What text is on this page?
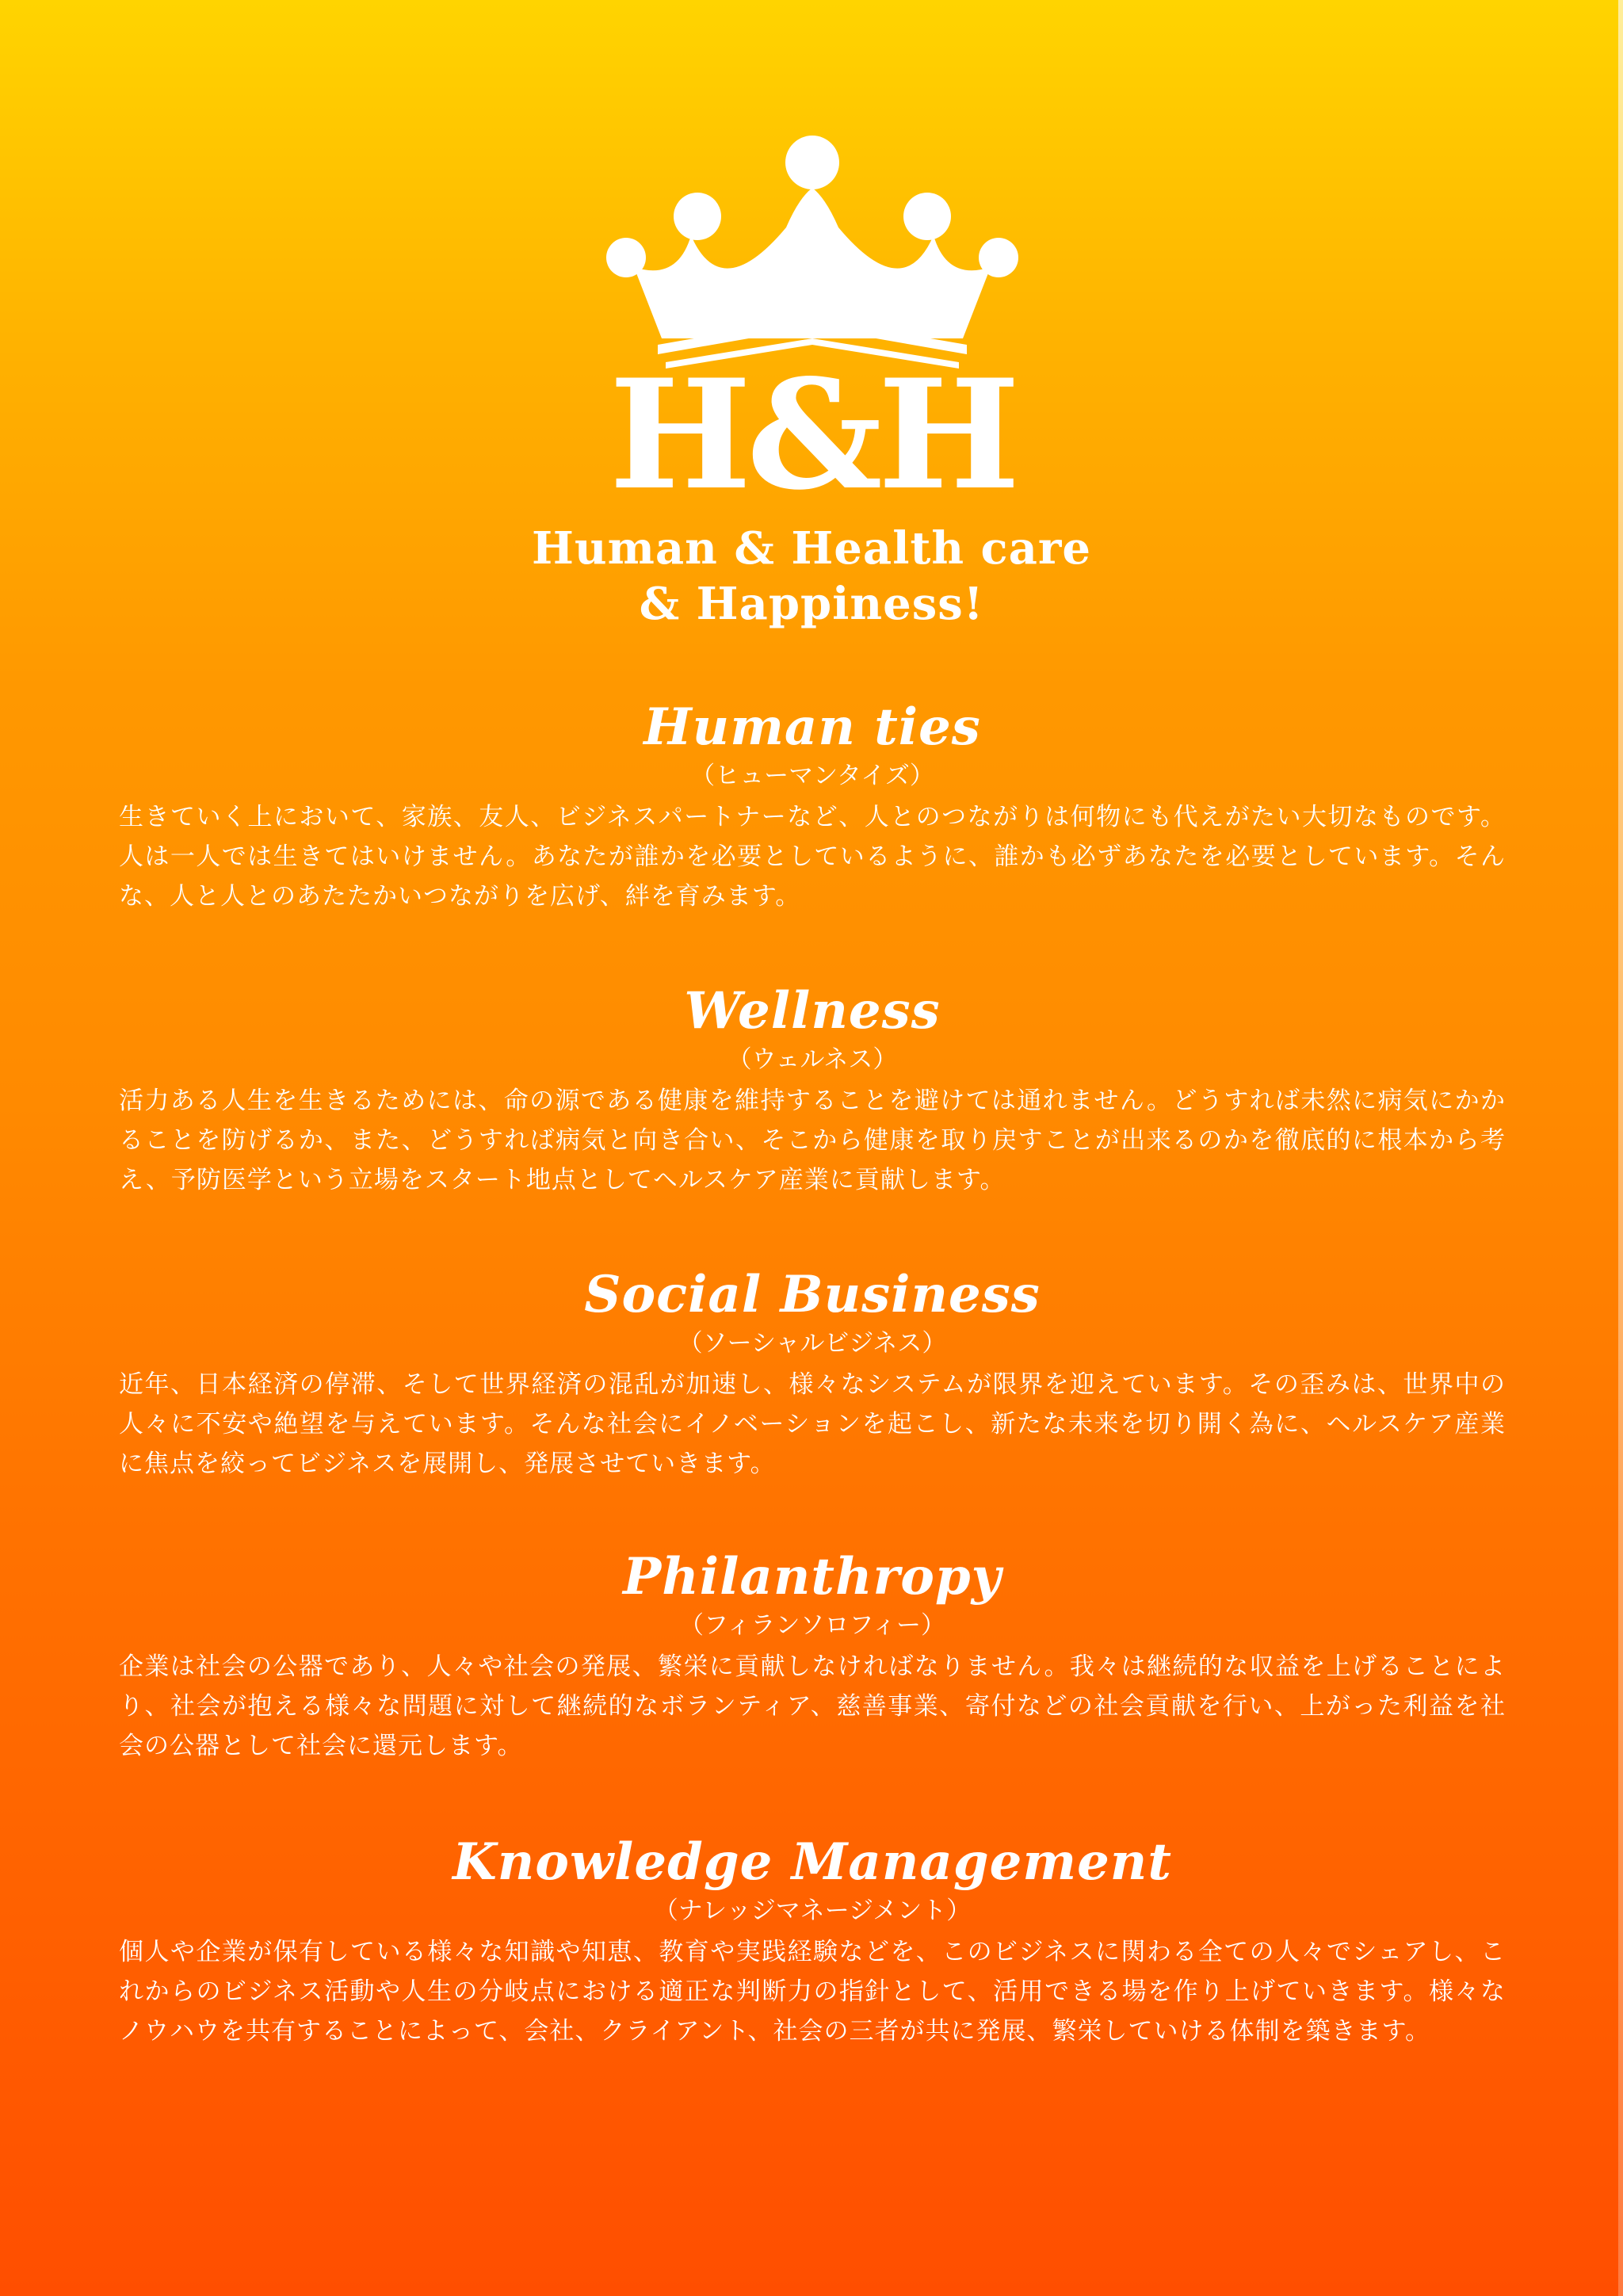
H&H
Human & Health care
& Happiness!
Human ties
（ヒューマンタイズ）
生きていく上において、家族、友人、ビジネスパートナーなど、人とのつながりは何物にも代えがたい大切なものです。人は一人では生きてはいけません。あなたが誰かを必要としているように、誰かも必ずあなたを必要としています。そんな、人と人とのあたたかいつながりを広げ、絆を育みます。
Wellness
（ウェルネス）
活力ある人生を生きるためには、命の源である健康を維持することを避けては通れません。どうすれば未然に病気にかかることを防げるか、また、どうすれば病気と向き合い、そこから健康を取り戻すことが出来るのかを徹底的に根本から考え、予防医学という立場をスタート地点としてヘルスケア産業に貢献します。
Social Business
（ソーシャルビジネス）
近年、日本経済の停滞、そして世界経済の混乱が加速し、様々なシステムが限界を迎えています。その歪みは、世界中の人々に不安や絶望を与えています。そんな社会にイノベーションを起こし、新たな未来を切り開く為に、ヘルスケア産業に焦点を絞ってビジネスを展開し、発展させていきます。
Philanthropy
（フィランソロフィー）
企業は社会の公器であり、人々や社会の発展、繁栄に貢献しなければなりません。我々は継続的な収益を上げることにより、社会が抱える様々な問題に対して継続的なボランティア、慈善事業、寄付などの社会貢献を行い、上がった利益を社会の公器として社会に還元します。
Knowledge Management
（ナレッジマネージメント）
個人や企業が保有している様々な知識や知恵、教育や実践経験などを、このビジネスに関わる全ての人々でシェアし、これからのビジネス活動や人生の分岐点における適正な判断力の指針として、活用できる場を作り上げていきます。様々なノウハウを共有することによって、会社、クライアント、社会の三者が共に発展、繁栄していける体制を築きます。
